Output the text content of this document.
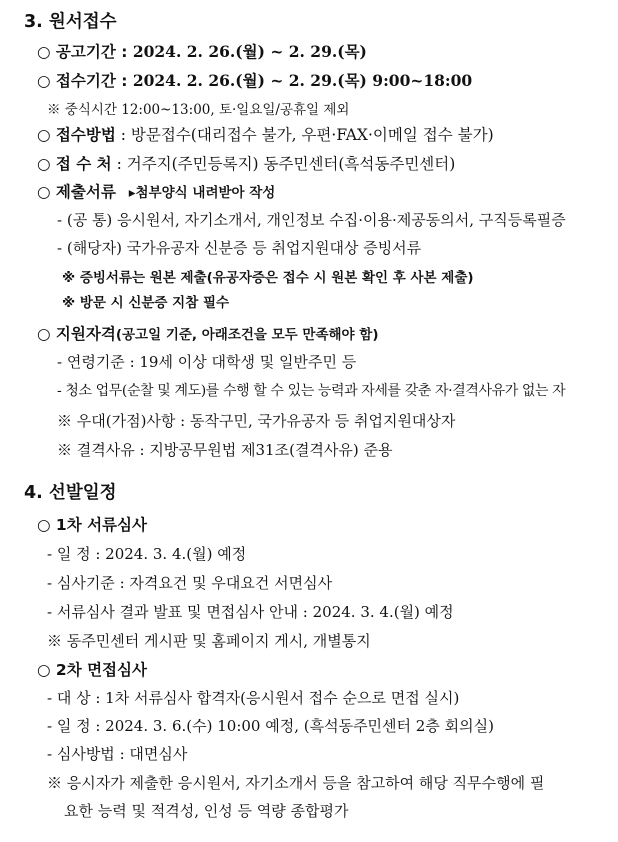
3. 원서접수
○ 공고기간 : 2024. 2. 26.(월) ~ 2. 29.(목)
○ 접수기간 : 2024. 2. 26.(월) ~ 2. 29.(목) 9:00~18:00
※ 중식시간 12:00~13:00, 토·일요일/공휴일 제외
○ 접수방법 : 방문접수(대리접수 불가, 우편·FAX·이메일 접수 불가)
○ 접 수 처 : 거주지(주민등록지) 동주민센터(흑석동주민센터)
○ 제출서류 ▸첨부양식 내려받아 작성
- (공 통) 응시원서, 자기소개서, 개인정보 수집·이용·제공동의서, 구직등록필증
- (해당자) 국가유공자 신분증 등 취업지원대상 증빙서류
※ 증빙서류는 원본 제출(유공자증은 접수 시 원본 확인 후 사본 제출)
※ 방문 시 신분증 지참 필수
○ 지원자격(공고일 기준, 아래조건을 모두 만족해야 함)
- 연령기준 : 19세 이상 대학생 및 일반주민 등
- 청소 업무(순찰 및 계도)를 수행 할 수 있는 능력과 자세를 갖춘 자·결격사유가 없는 자
※ 우대(가점)사항 : 동작구민, 국가유공자 등 취업지원대상자
※ 결격사유 : 지방공무원법 제31조(결격사유) 준용
4. 선발일정
○ 1차 서류심사
- 일 정 : 2024. 3. 4.(월) 예정
- 심사기준 : 자격요건 및 우대요건 서면심사
- 서류심사 결과 발표 및 면접심사 안내 : 2024. 3. 4.(월) 예정
※ 동주민센터 게시판 및 홈페이지 게시, 개별통지
○ 2차 면접심사
- 대 상 : 1차 서류심사 합격자(응시원서 접수 순으로 면접 실시)
- 일 정 : 2024. 3. 6.(수) 10:00 예정, (흑석동주민센터 2층 회의실)
- 심사방법 : 대면심사
※ 응시자가 제출한 응시원서, 자기소개서 등을 참고하여 해당 직무수행에 필
요한 능력 및 적격성, 인성 등 역량 종합평가
